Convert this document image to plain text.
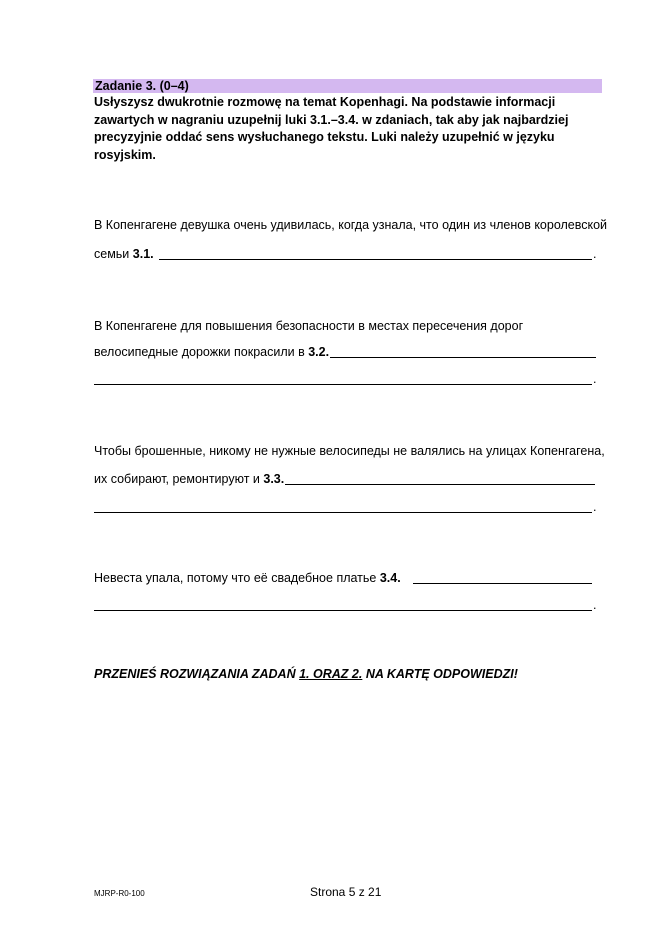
Zadanie 3. (0–4)
Usłyszysz dwukrotnie rozmowę na temat Kopenhagi. Na podstawie informacji zawartych w nagraniu uzupełnij luki 3.1.–3.4. w zdaniach, tak aby jak najbardziej precyzyjnie oddać sens wysłuchanego tekstu. Luki należy uzupełnić w języku rosyjskim.
В Копенгагене девушка очень удивилась, когда узнала, что один из членов королевской
семьи 3.1.	.
В Копенгагене для повышения безопасности в местах пересечения дорог
велосипедные дорожки покрасили в 3.2.
.
Чтобы брошенные, никому не нужные велосипеды не валялись на улицах Копенгагена,
их собирают, ремонтируют и 3.3.
.
Невеста упала, потому что её свадебное платье 3.4.
.
PRZENIEŚ ROZWIĄZANIA ZADAŃ 1. ORAZ 2. NA KARTĘ ODPOWIEDZI!
MJRP-R0-100	Strona 5 z 21
